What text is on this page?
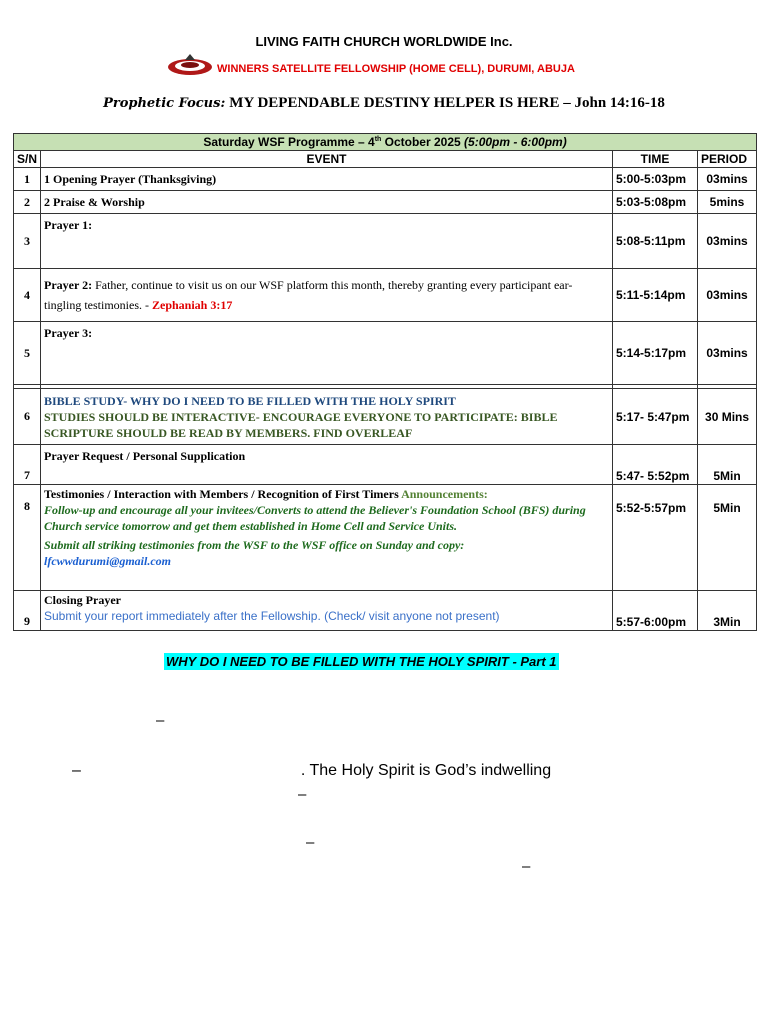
LIVING FAITH CHURCH WORLDWIDE Inc.
WINNERS SATELLITE FELLOWSHIP (HOME CELL), DURUMI, ABUJA
Prophetic Focus: MY DEPENDABLE DESTINY HELPER IS HERE – John 14:16-18
Saturday WSF Programme – 4th October 2025 (5:00pm - 6:00pm)			
S/N	EVENT	TIME	PERIOD
1	1 Opening Prayer (Thanksgiving)	5:00-5:03pm	03mins
2	2 Praise & Worship	5:03-5:08pm	5mins
3	Prayer 1:	5:08-5:11pm	03mins
4	Prayer 2: Father, continue to visit us on our WSF platform this month, thereby granting every participant ear-tingling testimonies. - Zephaniah 3:17	5:11-5:14pm	03mins
5	Prayer 3:	5:14-5:17pm	03mins

6	BIBLE STUDY- WHY DO I NEED TO BE FILLED WITH THE HOLY SPIRIT
STUDIES SHOULD BE INTERACTIVE- ENCOURAGE EVERYONE TO PARTICIPATE: BIBLE SCRIPTURE SHOULD BE READ BY MEMBERS. FIND OVERLEAF	5:17- 5:47pm	30 Mins
7	Prayer Request / Personal Supplication	5:47- 5:52pm	5Min
8	Testimonies / Interaction with Members / Recognition of First Timers Announcements:
Follow-up and encourage all your invitees/Converts to attend the Believer's Foundation School (BFS) during Church service tomorrow and get them established in Home Cell and Service Units.
Submit all striking testimonies from the WSF to the WSF office on Sunday and copy:
lfcwwdurumi@gmail.com	5:52-5:57pm	5Min
9	Closing Prayer
Submit your report immediately after the Fellowship. (Check/ visit anyone not present)	5:57-6:00pm	3Min
WHY DO I NEED TO BE FILLED WITH THE HOLY SPIRIT - Part 1
–
–	. The Holy Spirit is God’s indwelling
–
–
–
